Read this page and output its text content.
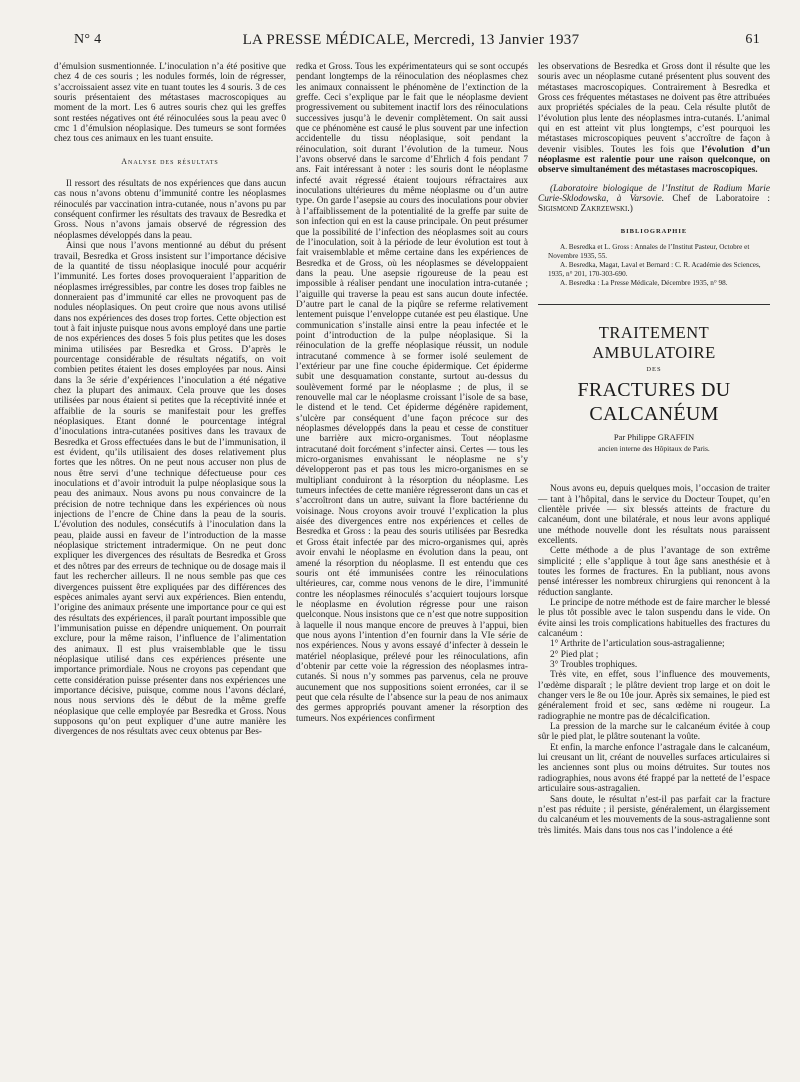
N° 4	LA PRESSE MÉDICALE, Mercredi, 13 Janvier 1937	61

d’émulsion susmentionnée. L’inoculation n’a été positive que chez 4 de ces souris ; les nodules formés, loin de régresser, s’accroissaient assez vite en tuant toutes les 4 souris. 3 de ces souris présentaient des métastases macroscopiques au moment de la mort. Les 6 autres souris chez qui les greffes sont restées négatives ont été réinoculées sous la peau avec 0 cmc 1 d’émulsion néoplasique. Des tumeurs se sont formées chez tous ces animaux en les tuant ensuite.

Analyse des résultats

Il ressort des résultats de nos expériences que dans aucun cas nous n’avons obtenu d’immunité contre les néoplasmes réinoculés par vaccination intra-cutanée, nous n’avons pu par conséquent confirmer les résultats des travaux de Besredka et Gross. Nous n’avons jamais observé de régression des néoplasmes développés dans la peau.

Ainsi que nous l’avons mentionné au début du présent travail, Besredka et Gross insistent sur l’importance décisive de la quantité de tissu néoplasique inoculé pour acquérir l’immunité. Les fortes doses provoqueraient l’apparition de néoplasmes irrégressibles, par contre les doses trop faibles ne donneraient pas d’immunité car elles ne provoquent pas de nodules néoplasiques. On peut croire que nous avons utilisé dans nos expériences des doses trop fortes. Cette objection est tout à fait injuste puisque nous avons employé dans une partie de nos expériences des doses 5 fois plus petites que les doses minima utilisées par Besredka et Gross. D’après le pourcentage considérable de résultats négatifs, on voit combien petites étaient les doses employées par nous. Ainsi dans la 3e série d’expériences l’inoculation a été négative chez la plupart des animaux. Cela prouve que les doses utilisées par nous étaient si petites que la réceptivité innée et affaiblie de la souris se manifestait pour les greffes néoplasiques. Etant donné le pourcentage intégral d’inoculations intra-cutanées positives dans les travaux de Besredka et Gross effectuées dans le but de l’immunisation, il est évident, qu’ils utilisaient des doses relativement plus fortes que les nôtres. On ne peut nous accuser non plus de nous être servi d’une technique défectueuse pour ces inoculations et d’avoir introduit la pulpe néoplasique sous la peau des animaux. Nous avons pu nous convaincre de la précision de notre technique dans les expériences où nous injections de l’encre de Chine dans la peau de la souris. L’évolution des nodules, consécutifs à l’inoculation dans la peau, plaide aussi en faveur de l’introduction de la masse néoplasique strictement intradermique. On ne peut donc expliquer les divergences des résultats de Besredka et Gross et des nôtres par des erreurs de technique ou de dosage mais il faut les rechercher ailleurs. Il ne nous semble pas que ces divergences puissent être expliquées par des différences des espèces animales ayant servi aux expériences. Bien entendu, l’origine des animaux présente une importance pour ce qui est des résultats des expériences, il paraît pourtant impossible que l’immunisation puisse en dépendre uniquement. On pourrait exclure, pour la même raison, l’influence de l’alimentation des animaux. Il est plus vraisemblable que le tissu néoplasique utilisé dans ces expériences présente une importance primordiale. Nous ne croyons pas cependant que cette considération puisse présenter dans nos expériences une importance décisive, puisque, comme nous l’avons déclaré, nous nous servions dès le début de la même greffe néoplasique que celle employée par Besredka et Gross. Nous supposons qu’on peut expliquer d’une autre manière les divergences de nos résultats avec ceux obtenus par Bes-

redka et Gross. Tous les expérimentateurs qui se sont occupés pendant longtemps de la réinoculation des néoplasmes chez les animaux connaissent le phénomène de l’extinction de la greffe. Ceci s’explique par le fait que le néoplasme devient progressivement ou subitement inactif lors des réinoculations successives jusqu’à le devenir complètement. On sait aussi que ce phénomène est causé le plus souvent par une infection accidentelle du tissu néoplasique, soit pendant la réinoculation, soit durant l’évolution de la tumeur. Nous l’avons observé dans le sarcome d’Ehrlich 4 fois pendant 7 ans. Fait intéressant à noter : les souris dont le néoplasme infecté avait régressé étaient toujours réfractaires aux inoculations ultérieures du même néoplasme ou d’un autre type. On garde l’asepsie au cours des inoculations pour obvier à l’affaiblissement de la potentialité de la greffe par suite de son infection qui en est la cause principale. On peut présumer que la possibilité de l’infection des néoplasmes soit au cours de l’inoculation, soit à la période de leur évolution est tout à fait vraisemblable et même certaine dans les expériences de Besredka et de Gross, où les néoplasmes se développaient dans la peau. Une asepsie rigoureuse de la peau est impossible à réaliser pendant une inoculation intra-cutanée ; l’aiguille qui traverse la peau est sans aucun doute infectée. D’autre part le canal de la piqûre se referme relativement lentement puisque l’enveloppe cutanée est peu élastique. Une communication s’installe ainsi entre la peau infectée et le point d’introduction de la pulpe néoplasique. Si la réinoculation de la greffe néoplasique réussit, un nodule intracutané commence à se former isolé seulement de l’extérieur par une fine couche épidermique. Cet épiderme subit une desquamation constante, surtout au-dessus du soulèvement formé par le néoplasme ; de plus, il se renouvelle mal car le néoplasme croissant l’isole de sa base, le distend et le tend. Cet épiderme dégénère rapidement, s’ulcère par conséquent d’une façon précoce sur des néoplasmes développés dans la peau et cesse de constituer une barrière aux micro-organismes. Tout néoplasme intracutané doit forcément s’infecter ainsi. Certes — tous les micro-organismes envahissant le néoplasme ne s’y développeront pas et pas tous les micro-organismes en se multipliant conduiront à la résorption du néoplasme. Les tumeurs infectées de cette manière régresseront dans un cas et s’accroîtront dans un autre, suivant la flore bactérienne du voisinage. Nous croyons avoir trouvé l’explication la plus aisée des divergences entre nos expériences et celles de Besredka et Gross : la peau des souris utilisées par Besredka et Gross était infectée par des micro-organismes qui, après avoir envahi le néoplasme en évolution dans la peau, ont amené la résorption du néoplasme. Il est entendu que ces souris ont été immunisées contre les réinoculations ultérieures, car, comme nous venons de le dire, l’immunité contre les néoplasmes réinoculés s’acquiert toujours lorsque le néoplasme en évolution régresse pour une raison quelconque. Nous insistons que ce n’est que notre supposition à laquelle il nous manque encore de preuves à l’appui, bien que nous ayons l’intention d’en fournir dans la VIe série de nos expériences. Nous y avons essayé d’infecter à dessein le matériel néoplasique, prélevé pour les réinoculations, afin d’obtenir par cette voie la régression des néoplasmes intra-cutanés. Si nous n’y sommes pas parvenus, cela ne prouve aucunement que nos suppositions soient erronées, car il se peut que cela résulte de l’absence sur la peau de nos animaux des germes appropriés pouvant amener la résorption des tumeurs. Nos expériences confirment

les observations de Besredka et Gross dont il résulte que les souris avec un néoplasme cutané présentent plus souvent des métastases macroscopiques. Contrairement à Besredka et Gross ces fréquentes métastases ne doivent pas être attribuées aux propriétés spéciales de la peau. Cela résulte plutôt de l’évolution plus lente des néoplasmes intra-cutanés. L’animal qui en est atteint vit plus longtemps, c’est pourquoi les métastases microscopiques peuvent s’accroître de façon à devenir visibles. Toutes les fois que l’évolution d’un néoplasme est ralentie pour une raison quelconque, on observe simultanément des métastases macroscopiques.

(Laboratoire biologique de l’Institut de Radium Marie Curie-Sklodowska, à Varsovie. Chef de Laboratoire : Sigismond Zakrzewski.)

BIBLIOGRAPHIE

A. Besredka et L. Gross : Annales de l’Institut Pasteur, Octobre et Novembre 1935, 55.

A. Besredka, Magat, Laval et Bernard : C. R. Académie des Sciences, 1935, n° 201, 170-303-690.

A. Besredka : La Presse Médicale, Décembre 1935, n° 98.

TRAITEMENT AMBULATOIRE
DES
FRACTURES DU CALCANÉUM
Par Philippe GRAFFIN
ancien interne des Hôpitaux de Paris.

Nous avons eu, depuis quelques mois, l’occasion de traiter — tant à l’hôpital, dans le service du Docteur Toupet, qu’en clientèle privée — six blessés atteints de fracture du calcanéum, dont une bilatérale, et nous leur avons appliqué une méthode nouvelle dont les résultats nous paraissent excellents.

Cette méthode a de plus l’avantage de son extrême simplicité ; elle s’applique à tout âge sans anesthésie et à toutes les formes de fractures. En la publiant, nous avons pensé intéresser les nombreux chirurgiens qui renoncent à la réduction sanglante.

Le principe de notre méthode est de faire marcher le blessé le plus tôt possible avec le talon suspendu dans le vide. On évite ainsi les trois complications habituelles des fractures du calcanéum :

1° Arthrite de l’articulation sous-astragalienne;

2° Pied plat ;

3° Troubles trophiques.

Très vite, en effet, sous l’influence des mouvements, l’œdème disparaît ; le plâtre devient trop large et on doit le changer vers le 8e ou 10e jour. Après six semaines, le pied est généralement froid et sec, sans œdème ni rougeur. La radiographie ne montre pas de décalcification.

La pression de la marche sur le calcanéum évitée à coup sûr le pied plat, le plâtre soutenant la voûte.

Et enfin, la marche enfonce l’astragale dans le calcanéum, lui creusant un lit, créant de nouvelles surfaces articulaires si les anciennes sont plus ou moins détruites. Sur toutes nos radiographies, nous avons été frappé par la netteté de l’espace articulaire sous-astragalien.

Sans doute, le résultat n’est-il pas parfait car la fracture n’est pas réduite ; il persiste, généralement, un élargissement du calcanéum et les mouvements de la sous-astragalienne sont très limités. Mais dans tous nos cas l’indolence a été
